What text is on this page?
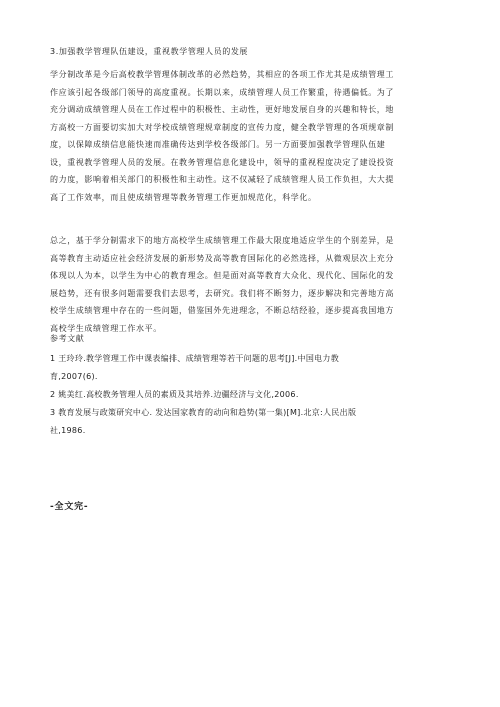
3.加强教学管理队伍建设，重视教学管理人员的发展
学分制改革是今后高校教学管理体制改革的必然趋势，其相应的各项工作尤其是成绩管理工
作应该引起各级部门领导的高度重视。长期以来，成绩管理人员工作繁重，待遇偏低。为了
充分调动成绩管理人员在工作过程中的积极性、主动性，更好地发展自身的兴趣和特长，地
方高校一方面要切实加大对学校成绩管理规章制度的宣传力度，健全教学管理的各项规章制
度，以保障成绩信息能快速而准确传达到学校各级部门。另一方面要加强教学管理队伍建
设，重视教学管理人员的发展。在教务管理信息化建设中，领导的重视程度决定了建设投资
的力度，影响着相关部门的积极性和主动性。这不仅减轻了成绩管理人员工作负担，大大提
高了工作效率，而且使成绩管理等教务管理工作更加规范化，科学化。
总之，基于学分制需求下的地方高校学生成绩管理工作最大限度地适应学生的个别差异，是
高等教育主动适应社会经济发展的新形势及高等教育国际化的必然选择，从微观层次上充分
体现以人为本，以学生为中心的教育理念。但是面对高等教育大众化、现代化、国际化的发
展趋势，还有很多问题需要我们去思考，去研究。我们将不断努力，逐步解决和完善地方高
校学生成绩管理中存在的一些问题，借鉴国外先进理念，不断总结经验，逐步提高我国地方
高校学生成绩管理工作水平。
参考文献
1 王玲玲.教学管理工作中课表编排、成绩管理等若干问题的思考[J].中国电力教
育,2007(6).
2 姚美红.高校教务管理人员的素质及其培养.边疆经济与文化,2006.
3 教育发展与政策研究中心. 发达国家教育的动向和趋势(第一集)[M].北京:人民出版
社,1986.
-全文完-
